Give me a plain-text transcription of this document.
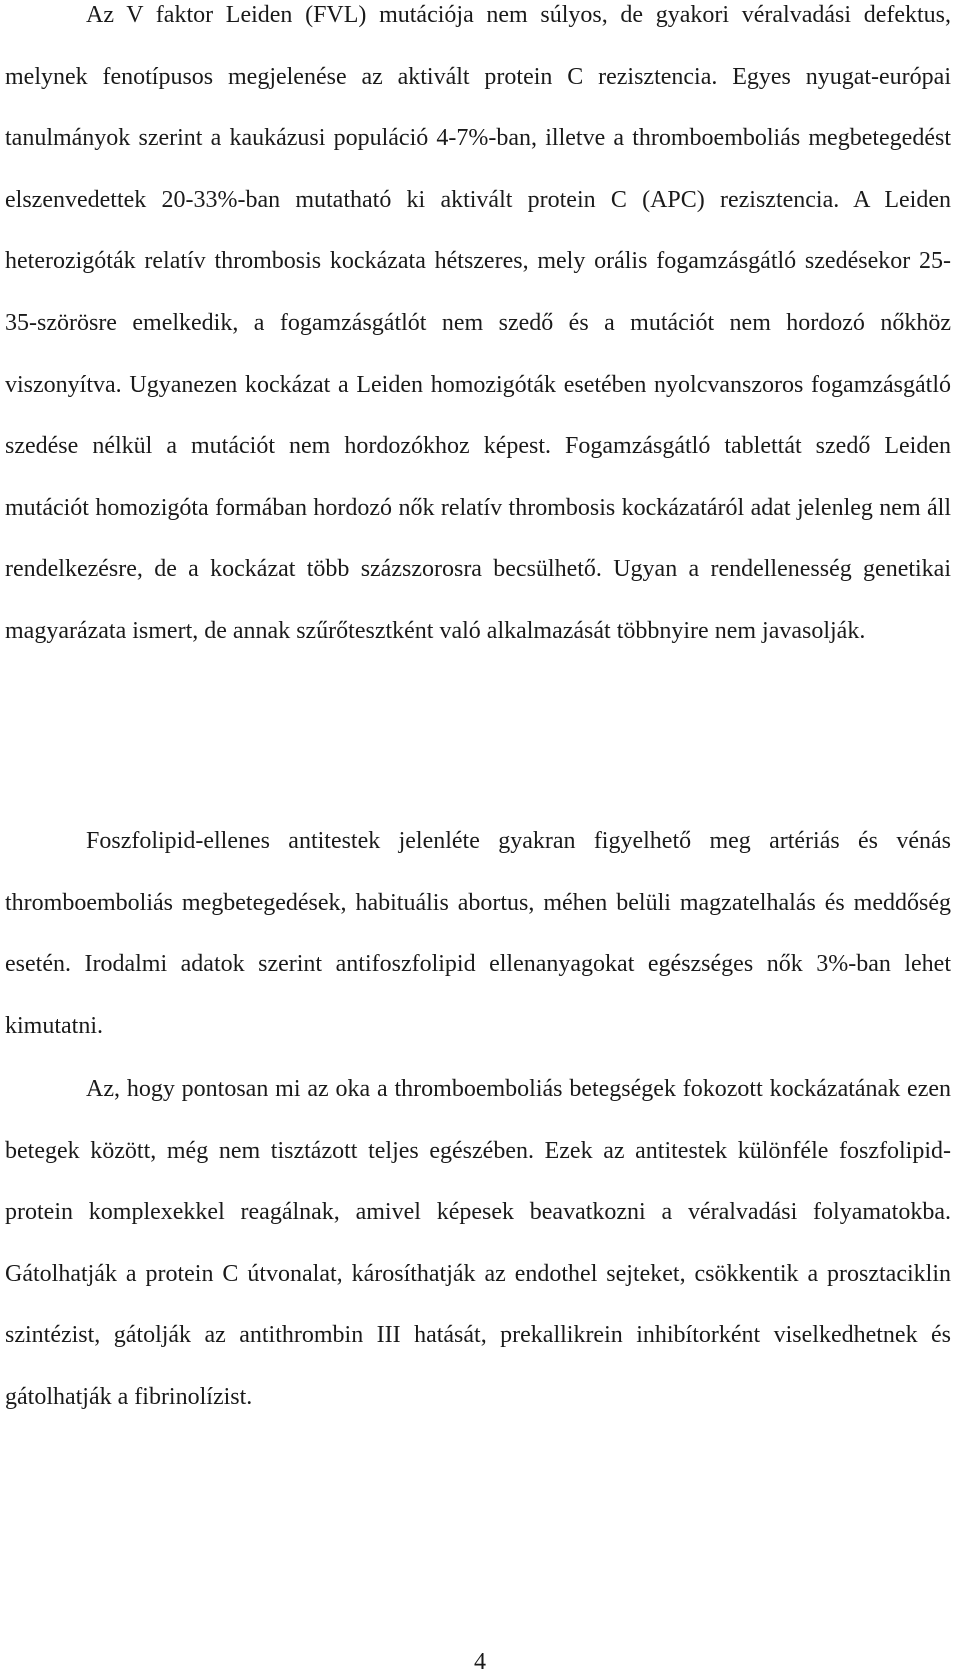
Az V faktor Leiden (FVL) mutációja nem súlyos, de gyakori véralvadási defektus, melynek fenotípusos megjelenése az aktivált protein C rezisztencia. Egyes nyugat-európai tanulmányok szerint a kaukázusi populáció 4-7%-ban, illetve a thromboemboliás megbetegedést elszenvedettek 20-33%-ban mutatható ki aktivált protein C (APC) rezisztencia. A Leiden heterozigóták relatív thrombosis kockázata hétszeres, mely orális fogamzásgátló szedésekor 25-35-szörösre emelkedik, a fogamzásgátlót nem szedő és a mutációt nem hordozó nőkhöz viszonyítva. Ugyanezen kockázat a Leiden homozigóták esetében nyolcvanszoros fogamzásgátló szedése nélkül a mutációt nem hordozókhoz képest. Fogamzásgátló tablettát szedő Leiden mutációt homozigóta formában hordozó nők relatív thrombosis kockázatáról adat jelenleg nem áll rendelkezésre, de a kockázat több százszorosra becsülhető. Ugyan a rendellenesség genetikai magyarázata ismert, de annak szűrőtesztként való alkalmazását többnyire nem javasolják.

Foszfolipid-ellenes antitestek jelenléte gyakran figyelhető meg artériás és vénás thromboemboliás megbetegedések, habituális abortus, méhen belüli magzatelhalás és meddőség esetén. Irodalmi adatok szerint antifoszfolipid ellenanyagokat egészséges nők 3%-ban lehet kimutatni.

Az, hogy pontosan mi az oka a thromboemboliás betegségek fokozott kockázatának ezen betegek között, még nem tisztázott teljes egészében. Ezek az antitestek különféle foszfolipid-protein komplexekkel reagálnak, amivel képesek beavatkozni a véralvadási folyamatokba. Gátolhatják a protein C útvonalat, károsíthatják az endothel sejteket, csökkentik a prosztaciklin szintézist, gátolják az antithrombin III hatását, prekallikrein inhibítorként viselkedhetnek és gátolhatják a fibrinolízist.

4
